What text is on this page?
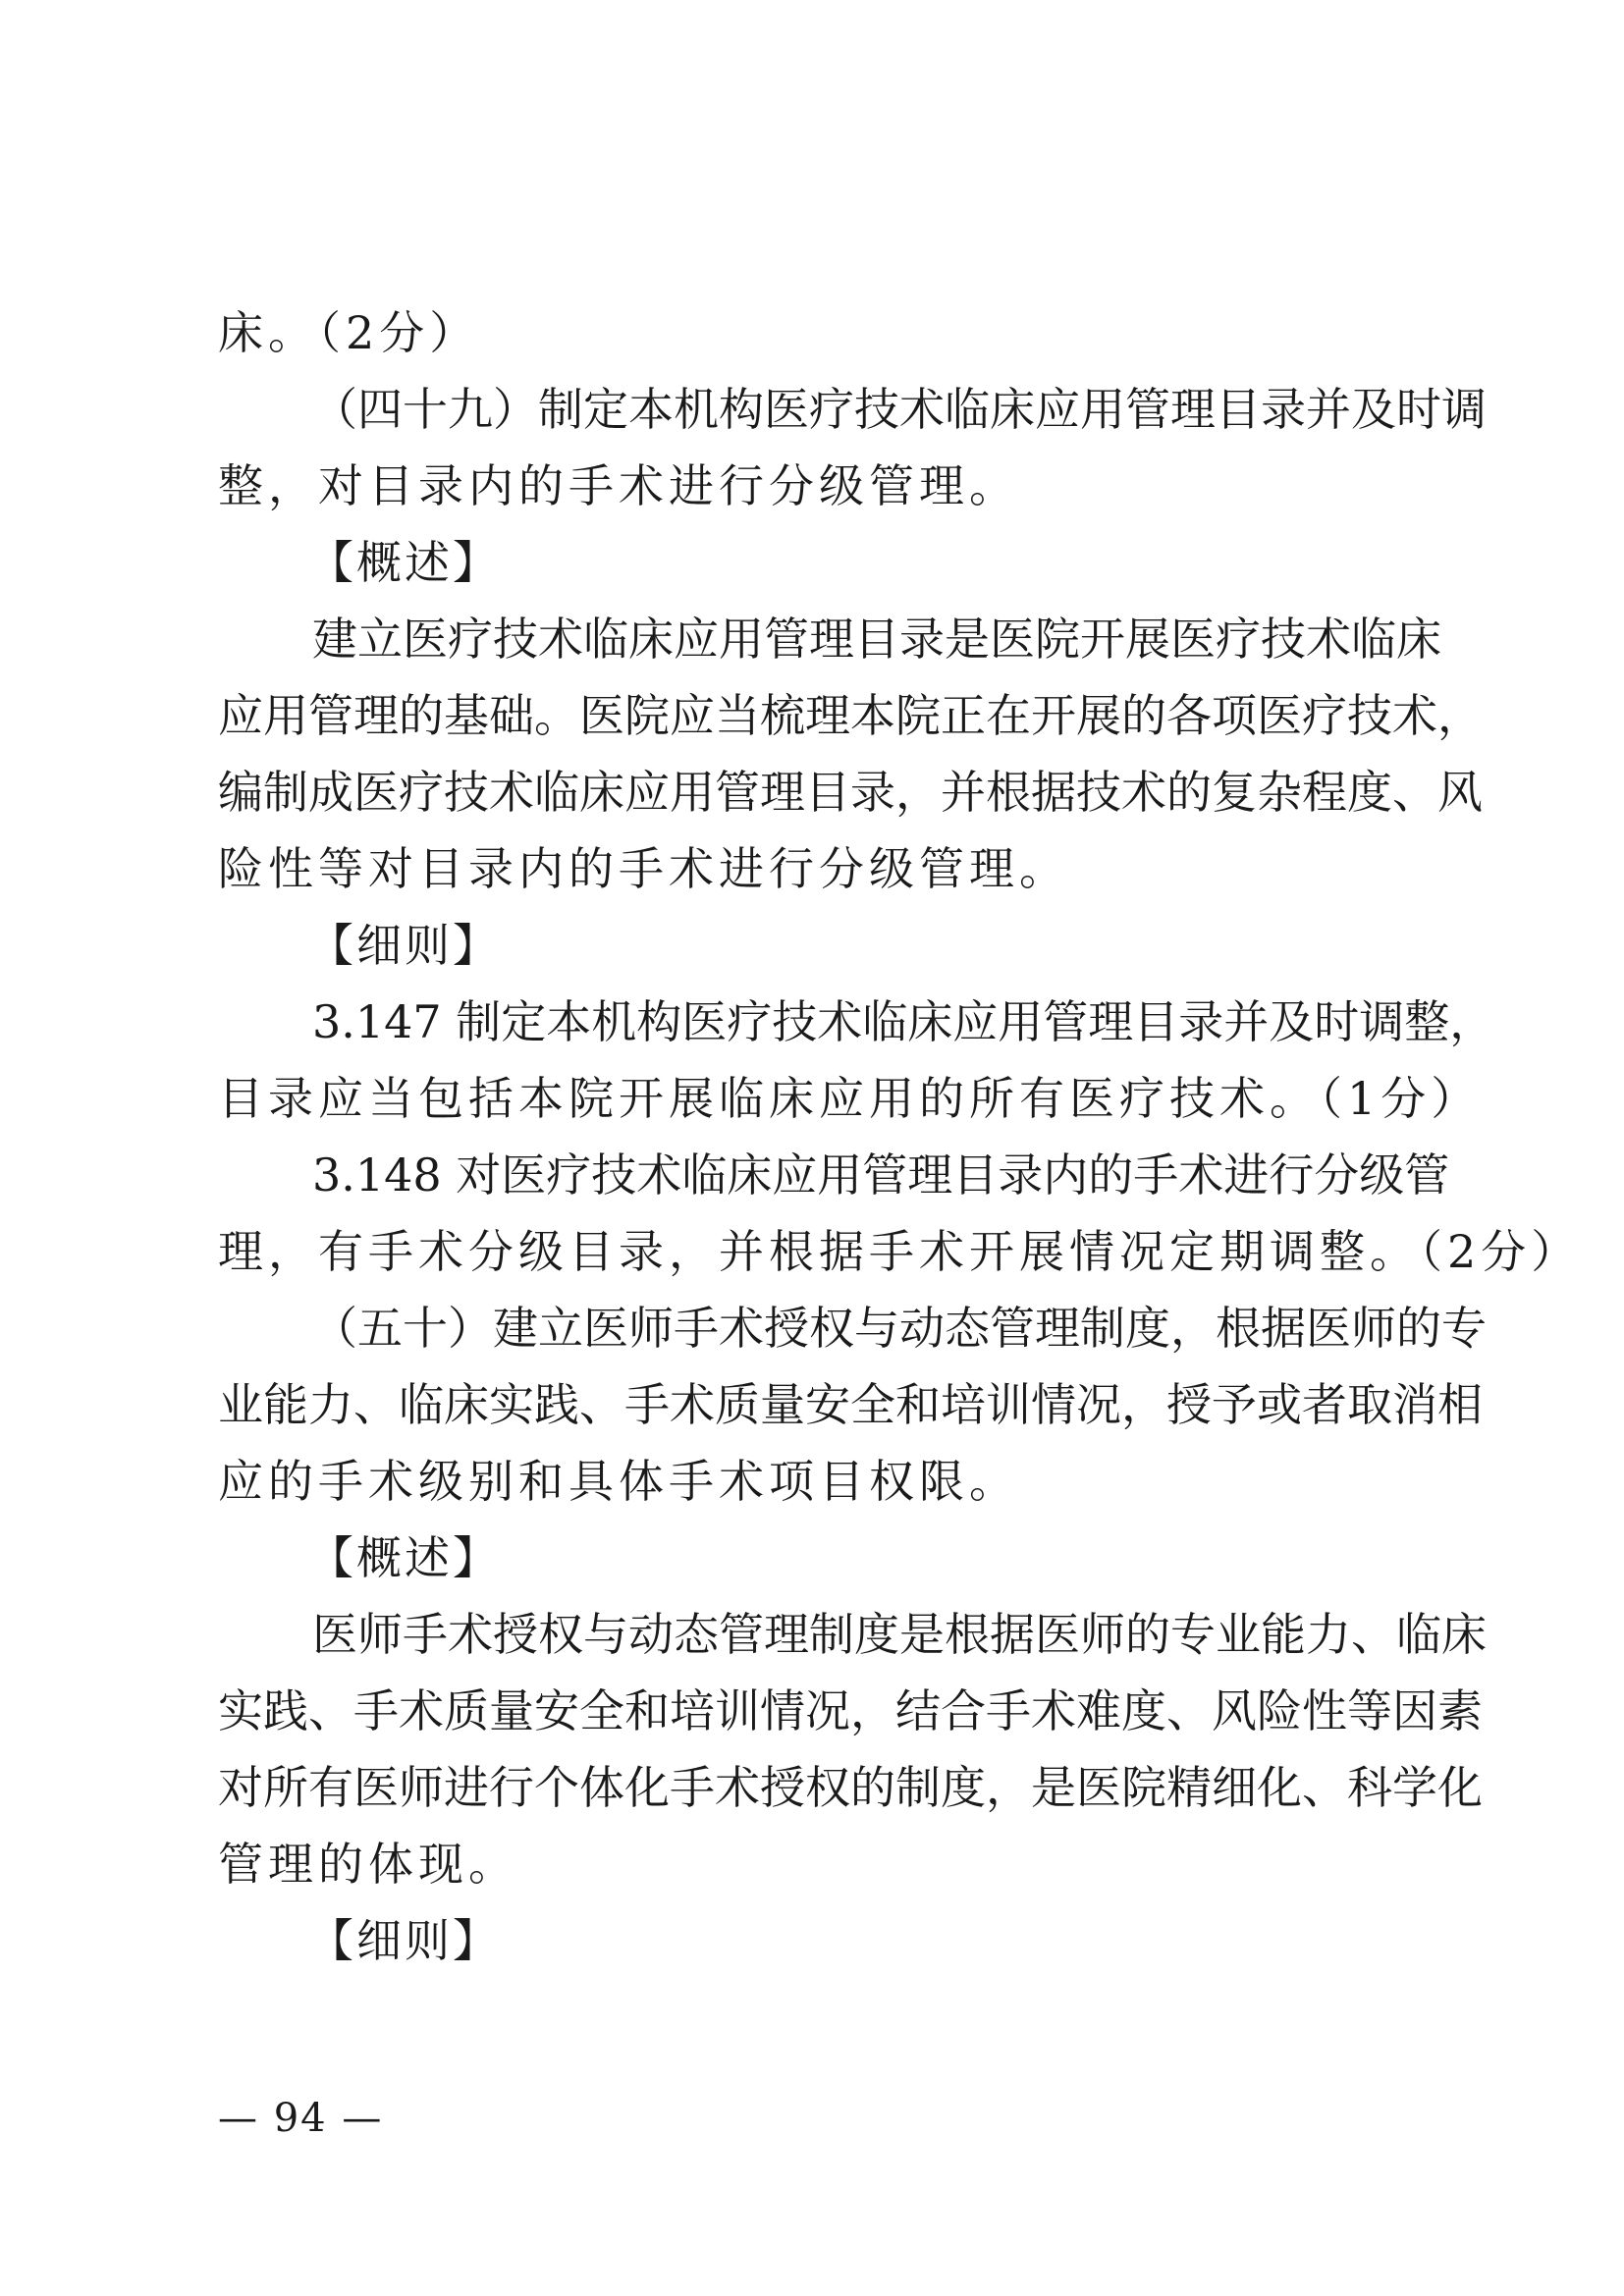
床。（2分）

（四十九）制定本机构医疗技术临床应用管理目录并及时调

整，对目录内的手术进行分级管理。

【概述】

建立医疗技术临床应用管理目录是医院开展医疗技术临床

应用管理的基础。医院应当梳理本院正在开展的各项医疗技术，

编制成医疗技术临床应用管理目录，并根据技术的复杂程度、风

险性等对目录内的手术进行分级管理。

【细则】

3.147 制定本机构医疗技术临床应用管理目录并及时调整，

目录应当包括本院开展临床应用的所有医疗技术。（1分）

3.148 对医疗技术临床应用管理目录内的手术进行分级管

理，有手术分级目录，并根据手术开展情况定期调整。（2分）

（五十）建立医师手术授权与动态管理制度，根据医师的专

业能力、临床实践、手术质量安全和培训情况，授予或者取消相

应的手术级别和具体手术项目权限。

【概述】

医师手术授权与动态管理制度是根据医师的专业能力、临床

实践、手术质量安全和培训情况，结合手术难度、风险性等因素

对所有医师进行个体化手术授权的制度，是医院精细化、科学化

管理的体现。

【细则】

— 94 —
